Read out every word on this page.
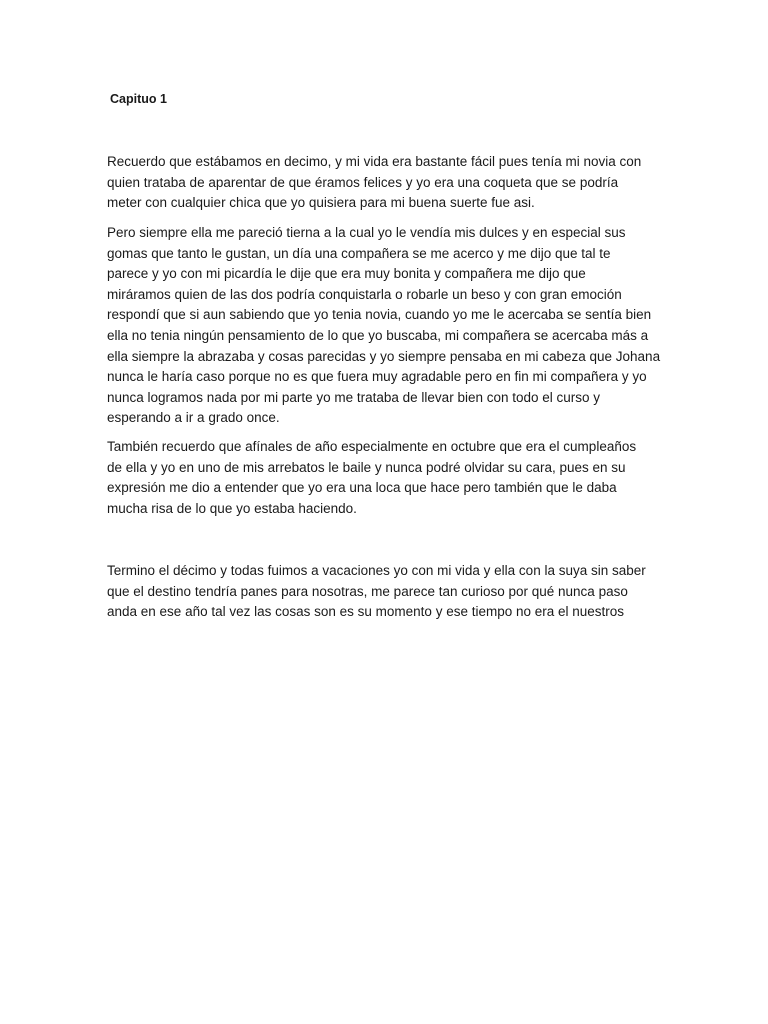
Capituo 1
Recuerdo que estábamos en decimo, y mi vida era bastante fácil pues tenía mi novia con
quien trataba de aparentar de que éramos felices y yo era una coqueta que se podría
meter con cualquier chica que yo quisiera para mi buena suerte fue asi.
Pero siempre ella me pareció tierna a la cual yo le vendía mis dulces y en especial sus
gomas que tanto le gustan, un día una compañera se me acerco y me dijo que tal te
parece y yo con mi picardía le dije que era muy bonita y compañera me dijo que
miráramos quien de las dos podría conquistarla o robarle un beso y con gran emoción
respondí que si aun sabiendo que yo tenia novia, cuando yo me le acercaba se sentía bien
ella no tenia ningún pensamiento de lo que yo buscaba, mi compañera se acercaba más a
ella siempre la abrazaba y cosas parecidas y yo siempre pensaba en mi cabeza que Johana
nunca le haría caso porque no es que fuera muy agradable pero en fin mi compañera y yo
nunca logramos nada por mi parte yo me trataba de llevar bien con todo el curso y
esperando a ir a grado once.
También recuerdo que afínales de año especialmente en octubre que era el cumpleaños
de ella y yo en uno de mis arrebatos le baile y nunca podré olvidar su cara, pues en su
expresión me dio a entender que yo era una loca que hace pero también que le daba
mucha risa de lo que yo estaba haciendo.
Termino el décimo y todas fuimos a vacaciones yo con mi vida y ella con la suya sin saber
que el destino tendría panes para nosotras, me parece tan curioso por qué nunca paso
anda en ese año tal vez las cosas son es su momento y ese tiempo no era el nuestros
